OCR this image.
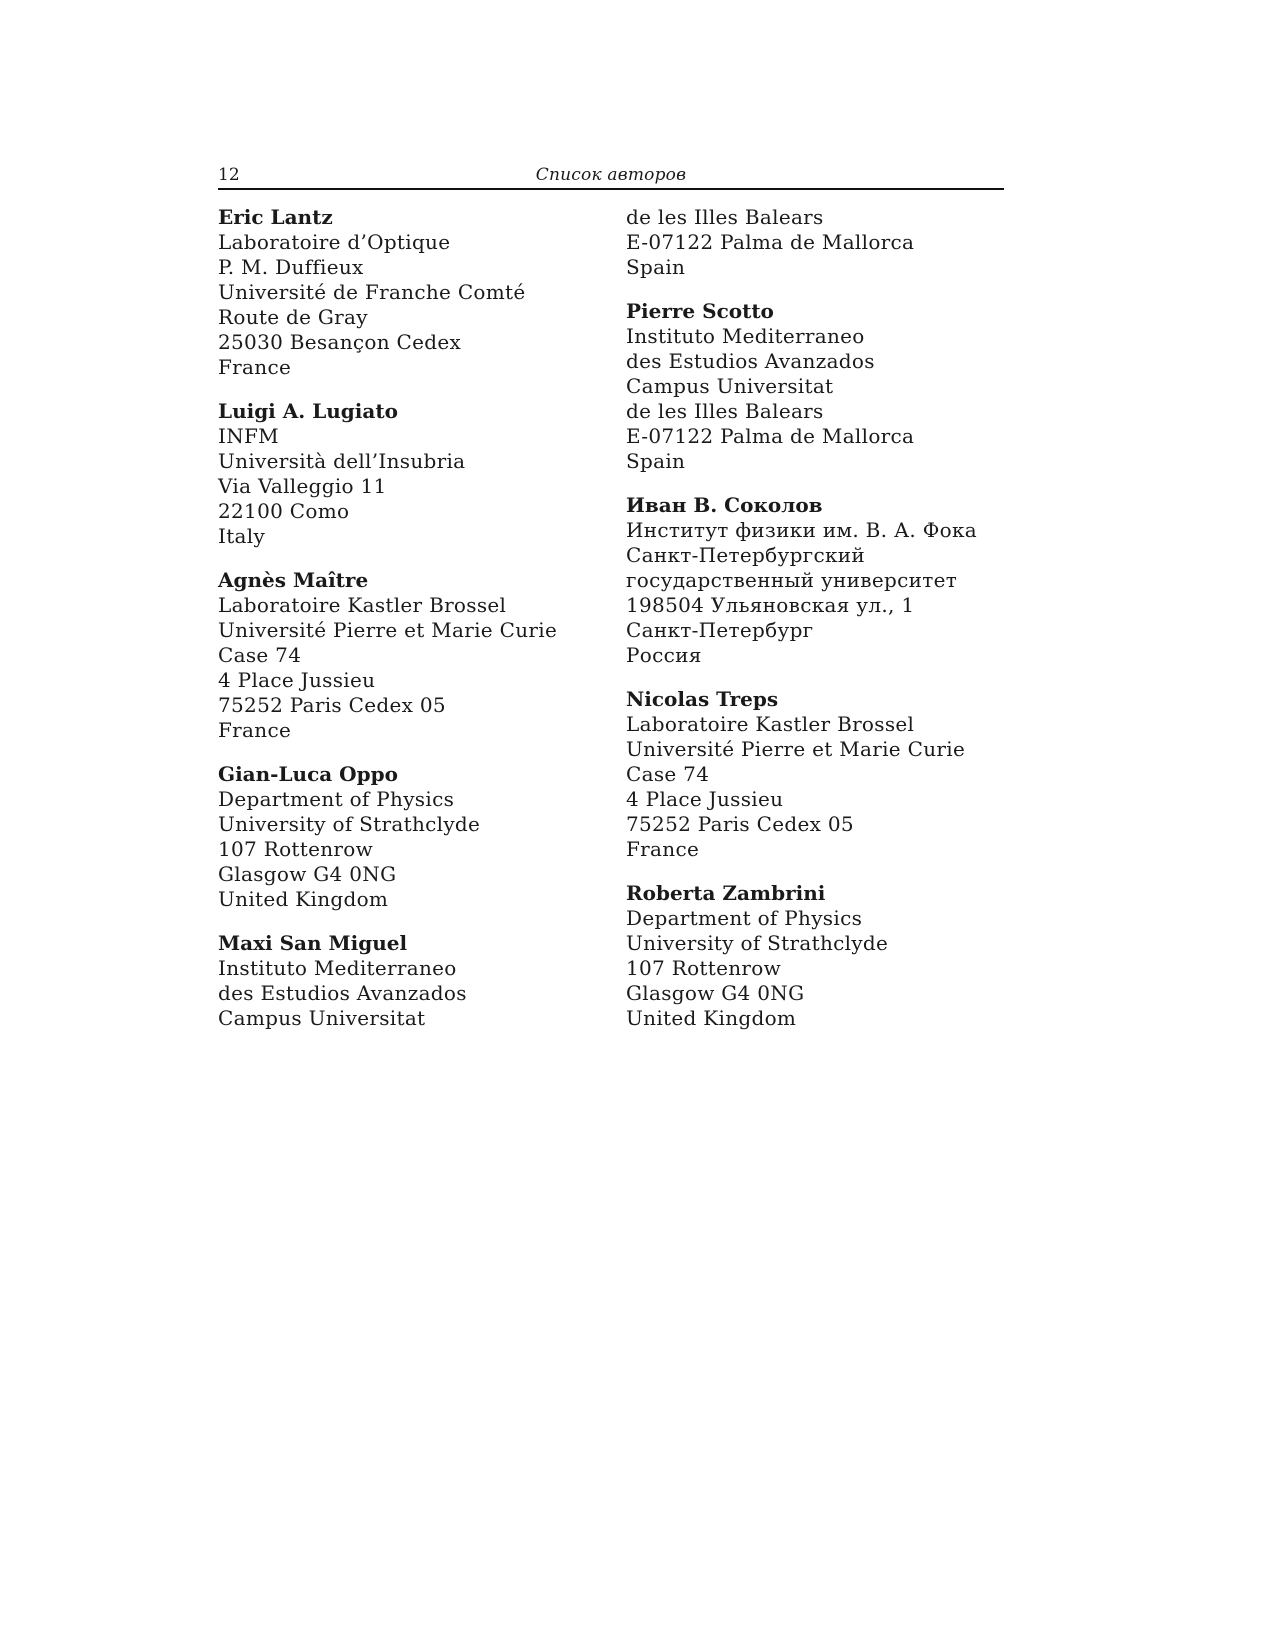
12	Список авторов
Eric Lantz
Laboratoire d’Optique
P. M. Duffieux
Université de Franche Comté
Route de Gray
25030 Besançon Cedex
France
Luigi A. Lugiato
INFM
Università dell’Insubria
Via Valleggio 11
22100 Como
Italy
Agnès Maître
Laboratoire Kastler Brossel
Université Pierre et Marie Curie
Case 74
4 Place Jussieu
75252 Paris Cedex 05
France
Gian-Luca Oppo
Department of Physics
University of Strathclyde
107 Rottenrow
Glasgow G4 0NG
United Kingdom
Maxi San Miguel
Instituto Mediterraneo
des Estudios Avanzados
Campus Universitat
de les Illes Balears
E-07122 Palma de Mallorca
Spain
Pierre Scotto
Instituto Mediterraneo
des Estudios Avanzados
Campus Universitat
de les Illes Balears
E-07122 Palma de Mallorca
Spain
Иван В. Соколов
Институт физики им. В. А. Фока
Санкт-Петербургский
государственный университет
198504 Ульяновская ул., 1
Санкт-Петербург
Россия
Nicolas Treps
Laboratoire Kastler Brossel
Université Pierre et Marie Curie
Case 74
4 Place Jussieu
75252 Paris Cedex 05
France
Roberta Zambrini
Department of Physics
University of Strathclyde
107 Rottenrow
Glasgow G4 0NG
United Kingdom
